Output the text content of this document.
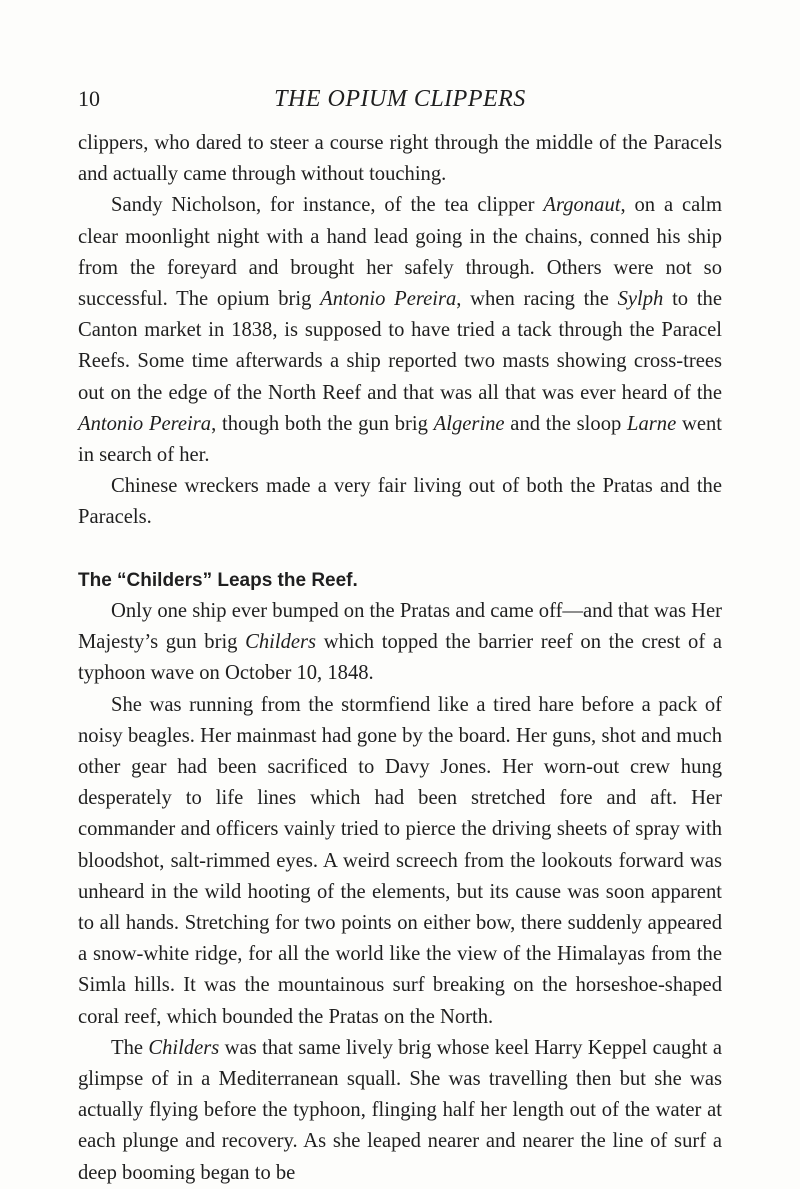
10	THE OPIUM CLIPPERS

clippers, who dared to steer a course right through the middle of the Paracels and actually came through without touching.

Sandy Nicholson, for instance, of the tea clipper Argonaut, on a calm clear moonlight night with a hand lead going in the chains, conned his ship from the foreyard and brought her safely through. Others were not so successful. The opium brig Antonio Pereira, when racing the Sylph to the Canton market in 1838, is supposed to have tried a tack through the Paracel Reefs. Some time afterwards a ship reported two masts showing cross-trees out on the edge of the North Reef and that was all that was ever heard of the Antonio Pereira, though both the gun brig Algerine and the sloop Larne went in search of her.

Chinese wreckers made a very fair living out of both the Pratas and the Paracels.

The “Childers” Leaps the Reef.

Only one ship ever bumped on the Pratas and came off—and that was Her Majesty’s gun brig Childers which topped the barrier reef on the crest of a typhoon wave on October 10, 1848.

She was running from the stormfiend like a tired hare before a pack of noisy beagles. Her mainmast had gone by the board. Her guns, shot and much other gear had been sacrificed to Davy Jones. Her worn-out crew hung desperately to life lines which had been stretched fore and aft. Her commander and officers vainly tried to pierce the driving sheets of spray with bloodshot, salt-rimmed eyes. A weird screech from the lookouts forward was unheard in the wild hooting of the elements, but its cause was soon apparent to all hands. Stretching for two points on either bow, there suddenly appeared a snow-white ridge, for all the world like the view of the Himalayas from the Simla hills. It was the mountainous surf breaking on the horseshoe-shaped coral reef, which bounded the Pratas on the North.

The Childers was that same lively brig whose keel Harry Keppel caught a glimpse of in a Mediterranean squall. She was travelling then but she was actually flying before the typhoon, flinging half her length out of the water at each plunge and recovery. As she leaped nearer and nearer the line of surf a deep booming began to be
